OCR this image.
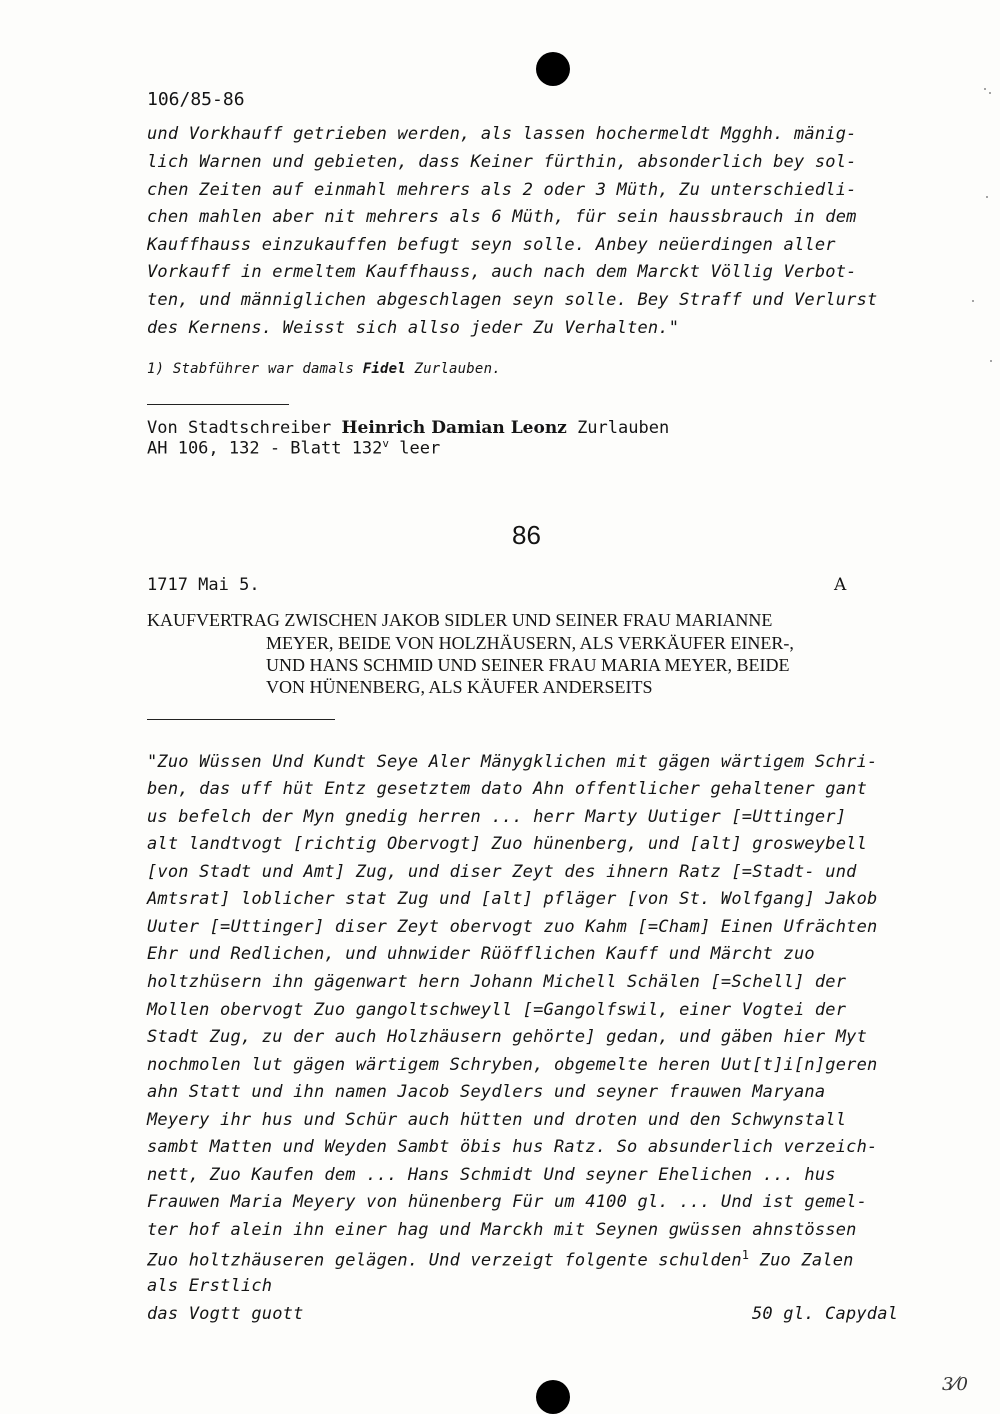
106/85-86
und Vorkhauff getrieben werden, als lassen hochermeldt Mgghh. mänig-
lich Warnen und gebieten, dass Keiner fürthin, absonderlich bey sol-
chen Zeiten auf einmahl mehrers als 2 oder 3 Müth, Zu unterschiedli-
chen mahlen aber nit mehrers als 6 Müth, für sein haussbrauch in dem
Kauffhauss einzukauffen befugt seyn solle. Anbey neüerdingen aller
Vorkauff in ermeltem Kauffhauss, auch nach dem Marckt Völlig Verbot-
ten, und männiglichen abgeschlagen seyn solle. Bey Straff und Verlurst
des Kernens. Weisst sich allso jeder Zu Verhalten."
1) Stabführer war damals Fidel Zurlauben.
Von Stadtschreiber Heinrich Damian Leonz Zurlauben
AH 106, 132 - Blatt 132$^v$ leer
86
1717 Mai 5.	A
KAUFVERTRAG ZWISCHEN JAKOB SIDLER UND SEINER FRAU MARIANNE
MEYER, BEIDE VON HOLZHÄUSERN, ALS VERKÄUFER EINER-,
UND HANS SCHMID UND SEINER FRAU MARIA MEYER, BEIDE
VON HÜNENBERG, ALS KÄUFER ANDERSEITS
"Zuo Wüssen Und Kundt Seye Aler Mänygklichen mit gägen wärtigem Schri-
ben, das uff hüt Entz gesetztem dato Ahn offentlicher gehaltener gant
us befelch der Myn gnedig herren ... herr Marty Uutiger [=Uttinger]
alt landtvogt [richtig Obervogt] Zuo hünenberg, und [alt] grosweybell
[von Stadt und Amt] Zug, und diser Zeyt des ihnern Ratz [=Stadt- und
Amtsrat] loblicher stat Zug und [alt] pfläger [von St. Wolfgang] Jakob
Uuter [=Uttinger] diser Zeyt obervogt zuo Kahm [=Cham] Einen Ufrächten
Ehr und Redlichen, und uhnwider Rüöfflichen Kauff und Märcht zuo
holtzhüsern ihn gägenwart hern Johann Michell Schälen [=Schell] der
Mollen obervogt Zuo gangoltschweyll [=Gangolfswil, einer Vogtei der
Stadt Zug, zu der auch Holzhäusern gehörte] gedan, und gäben hier Myt
nochmolen lut gägen wärtigem Schryben, obgemelte heren Uut[t]i[n]geren
ahn Statt und ihn namen Jacob Seydlers und seyner frauwen Maryana
Meyery ihr hus und Schür auch hütten und droten und den Schwynstall
sambt Matten und Weyden Sambt öbis hus Ratz. So absunderlich verzeich-
nett, Zuo Kaufen dem ... Hans Schmidt Und seyner Ehelichen ... hus
Frauwen Maria Meyery von hünenberg Für um 4100 gl. ... Und ist gemel-
ter hof alein ihn einer hag und Marckh mit Seynen gwüssen ahnstössen
Zuo holtzhäuseren gelägen. Und verzeigt folgente schulden$^1$ Zuo Zalen
als Erstlich
das Vogtt guott	50 gl. Capydal
3⁄0
